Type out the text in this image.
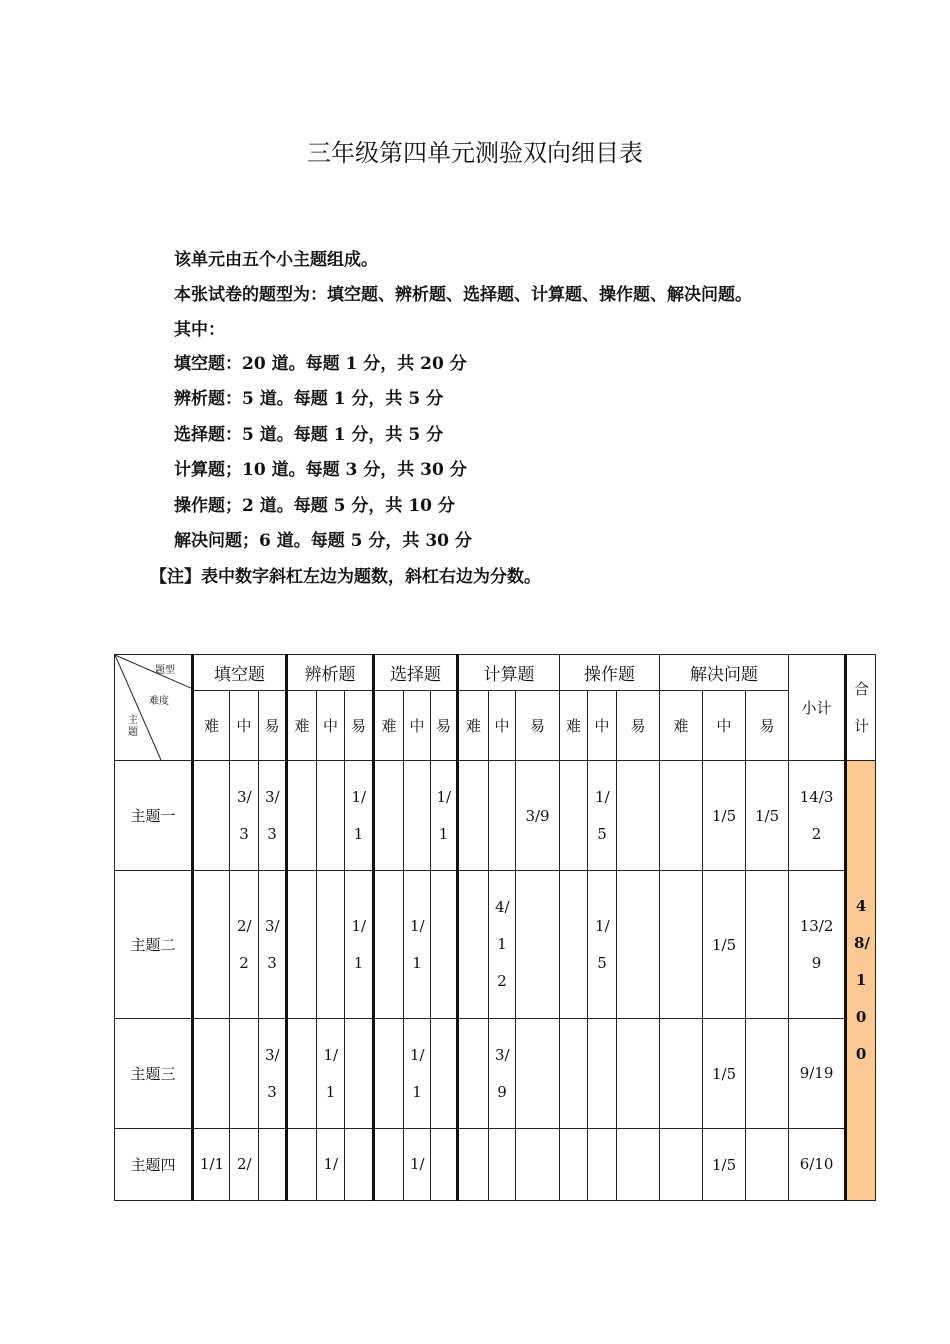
三年级第四单元测验双向细目表
该单元由五个小主题组成。
本张试卷的题型为：填空题、辨析题、选择题、计算题、操作题、解决问题。
其中：
填空题：20 道。每题 1 分，共 20 分
辨析题：5 道。每题 1 分，共 5 分
选择题：5 道。每题 1 分，共 5 分
计算题；10 道。每题 3 分，共 30 分
操作题；2 道。每题 5 分，共 10 分
解决问题；6 道。每题 5 分，共 30 分
【注】表中数字斜杠左边为题数，斜杠右边为分数。
题型
难度
主题	填空题			辨析题			选择题			计算题			操作题			解决问题			小计	合计
	难	中	易	难	中	易	难	中	易	难	中	易	难	中	易	难	中	易		
主题一		3/3	3/3			1/1			1/1			3/9		1/5			1/5	1/5	14/32	48/100
主题二		2/2	3/3			1/1		1/1			4/12			1/5			1/5		13/29	
主题三			3/3		1/1			1/1			3/9						1/5		9/19	
主题四	1/1	2/			1/			1/									1/5		6/10	
